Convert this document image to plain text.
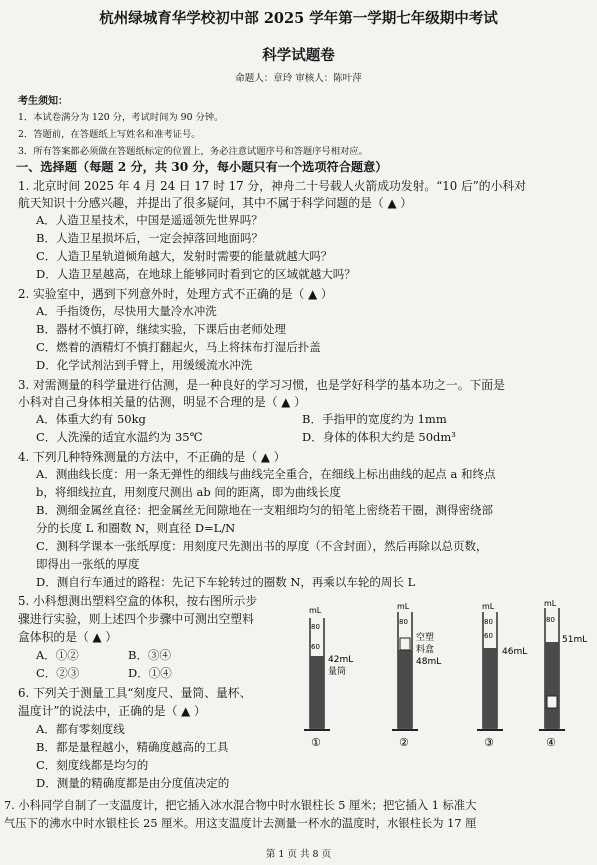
杭州绿城育华学校初中部 2025 学年第一学期七年级期中考试
科学试题卷
命题人：章玲 审核人：陈叶萍
考生须知：
1．本试卷满分为 120 分，考试时间为 90 分钟。
2．答题前，在答题纸上写姓名和准考证号。
3．所有答案都必须做在答题纸标定的位置上，务必注意试题序号和答题序号相对应。
一、选择题（每题 2 分，共 30 分，每小题只有一个选项符合题意）
1. 北京时间 2025 年 4 月 24 日 17 时 17 分，神舟二十号载人火箭成功发射。“10 后”的小科对
航天知识十分感兴趣，并提出了很多疑问，其中不属于科学问题的是（ ▲ ）
A．人造卫星技术，中国是遥遥领先世界吗？
B．人造卫星损坏后，一定会掉落回地面吗？
C．人造卫星轨道倾角越大，发射时需要的能量就越大吗？
D．人造卫星越高，在地球上能够同时看到它的区域就越大吗？
2. 实验室中，遇到下列意外时，处理方式不正确的是（ ▲ ）
A．手指烫伤，尽快用大量冷水冲洗
B．器材不慎打碎，继续实验，下课后由老师处理
C．燃着的酒精灯不慎打翻起火，马上将抹布打湿后扑盖
D．化学试剂沾到手臂上，用缓缓流水冲洗
3. 对需测量的科学量进行估测，是一种良好的学习习惯，也是学好科学的基本功之一。下面是
小科对自己身体相关量的估测，明显不合理的是（ ▲ ）
A．体重大约有 50kg	B．手指甲的宽度约为 1mm
C．人洗澡的适宜水温约为 35℃	D．身体的体积大约是 50dm³
4. 下列几种特殊测量的方法中，不正确的是（ ▲ ）
A．测曲线长度：用一条无弹性的细线与曲线完全重合，在细线上标出曲线的起点 a 和终点
b，将细线拉直，用刻度尺测出 ab 间的距离，即为曲线长度
B．测细金属丝直径：把金属丝无间隙地在一支粗细均匀的铅笔上密绕若干圈，测得密绕部
分的长度 L 和圈数 N，则直径 D=L/N
C．测科学课本一张纸厚度：用刻度尺先测出书的厚度（不含封面），然后再除以总页数，
即得出一张纸的厚度
D．测自行车通过的路程：先记下车轮转过的圈数 N，再乘以车轮的周长 L
5. 小科想测出塑料空盒的体积，按右图所示步
骤进行实验，则上述四个步骤中可测出空塑料
盒体积的是（ ▲ ）
A．①②	B．③④
C．②③	D．①④
6. 下列关于测量工具“刻度尺、量筒、量杯、
温度计”的说法中，正确的是（ ▲ ）
A．都有零刻度线
B．都是量程越小，精确度越高的工具
C．刻度线都是均匀的
D．测量的精确度都是由分度值决定的
7. 小科同学自制了一支温度计，把它插入冰水混合物中时水银柱长 5 厘米；把它插入 1 标准大
气压下的沸水中时水银柱长 25 厘米。用这支温度计去测量一杯水的温度时，水银柱长为 17 厘
第 1 页 共 8 页
mL
80
60
42mL
量筒
①
mL
80
空塑
料盒
48mL
②
mL
80
60
46mL
③
mL
80
51mL
④
